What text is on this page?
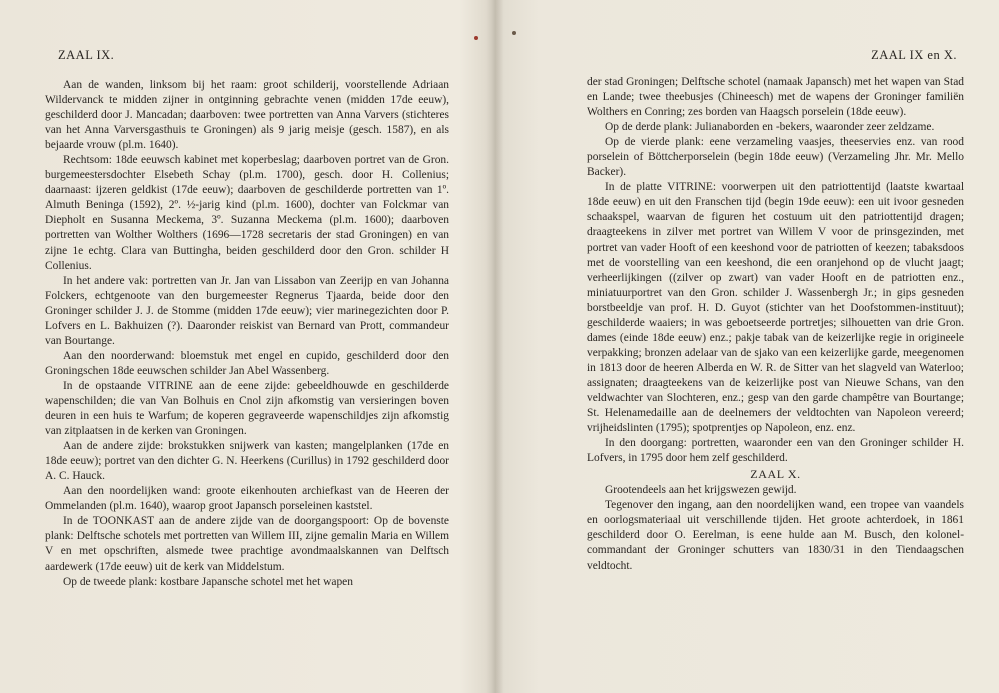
ZAAL IX.

Aan de wanden, linksom bij het raam: groot schilderij, voorstellende Adriaan Wildervanck te midden zijner in ontginning gebrachte venen (midden 17de eeuw), geschilderd door J. Mancadan; daarboven: twee portretten van Anna Varvers (stichteres van het Anna Varversgasthuis te Groningen) als 9 jarig meisje (gesch. 1587), en als bejaarde vrouw (pl.m. 1640).

Rechtsom: 18de eeuwsch kabinet met koperbeslag; daarboven portret van de Gron. burgemeestersdochter Elsebeth Schay (pl.m. 1700), gesch. door H. Collenius; daarnaast: ijzeren geldkist (17de eeuw); daarboven de geschilderde portretten van 1º. Almuth Beninga (1592), 2º. ½-jarig kind (pl.m. 1600), dochter van Folckmar van Diepholt en Susanna Meckema, 3º. Suzanna Meckema (pl.m. 1600); daarboven portretten van Wolther Wolthers (1696—1728 secretaris der stad Groningen) en van zijne 1e echtg. Clara van Buttingha, beiden geschilderd door den Gron. schilder H Collenius.

In het andere vak: portretten van Jr. Jan van Lissabon van Zeerijp en van Johanna Folckers, echtgenoote van den burgemeester Regnerus Tjaarda, beide door den Groninger schilder J. J. de Stomme (midden 17de eeuw); vier marinegezichten door P. Lofvers en L. Bakhuizen (?). Daaronder reiskist van Bernard van Prott, commandeur van Bourtange.

Aan den noorderwand: bloemstuk met engel en cupido, geschilderd door den Groningschen 18de eeuwschen schilder Jan Abel Wassenberg.

In de opstaande VITRINE aan de eene zijde: gebeeldhouwde en geschilderde wapenschilden; die van Van Bolhuis en Cnol zijn afkomstig van versieringen boven deuren in een huis te Warfum; de koperen gegraveerde wapenschildjes zijn afkomstig van zitplaatsen in de kerken van Groningen.

Aan de andere zijde: brokstukken snijwerk van kasten; mangelplanken (17de en 18de eeuw); portret van den dichter G. N. Heerkens (Curillus) in 1792 geschilderd door A. C. Hauck.

Aan den noordelijken wand: groote eikenhouten archiefkast van de Heeren der Ommelanden (pl.m. 1640), waarop groot Japansch porseleinen kaststel.

In de TOONKAST aan de andere zijde van de doorgangspoort: Op de bovenste plank: Delftsche schotels met portretten van Willem III, zijne gemalin Maria en Willem V en met opschriften, alsmede twee prachtige avondmaalskannen van Delftsch aardewerk (17de eeuw) uit de kerk van Middelstum.

Op de tweede plank: kostbare Japansche schotel met het wapen

ZAAL IX en X.

der stad Groningen; Delftsche schotel (namaak Japansch) met het wapen van Stad en Lande; twee theebusjes (Chineesch) met de wapens der Groninger familiën Wolthers en Conring; zes borden van Haagsch porselein (18de eeuw).

Op de derde plank: Julianaborden en -bekers, waaronder zeer zeldzame.

Op de vierde plank: eene verzameling vaasjes, theeservies enz. van rood porselein of Böttcherporselein (begin 18de eeuw) (Verzameling Jhr. Mr. Mello Backer).

In de platte VITRINE: voorwerpen uit den patriottentijd (laatste kwartaal 18de eeuw) en uit den Franschen tijd (begin 19de eeuw): een uit ivoor gesneden schaakspel, waarvan de figuren het costuum uit den patriottentijd dragen; draagteekens in zilver met portret van Willem V voor de prinsgezinden, met portret van vader Hooft of een keeshond voor de patriotten of keezen; tabaksdoos met de voorstelling van een keeshond, die een oranjehond op de vlucht jaagt; verheerlijkingen ((zilver op zwart) van vader Hooft en de patriotten enz., miniatuurportret van den Gron. schilder J. Wassenbergh Jr.; in gips gesneden borstbeeldje van prof. H. D. Guyot (stichter van het Doofstommen-instituut); geschilderde waaiers; in was geboetseerde portretjes; silhouetten van drie Gron. dames (einde 18de eeuw) enz.; pakje tabak van de keizerlijke regie in origineele verpakking; bronzen adelaar van de sjako van een keizerlijke garde, meegenomen in 1813 door de heeren Alberda en W. R. de Sitter van het slagveld van Waterloo; assignaten; draagteekens van de keizerlijke post van Nieuwe Schans, van den veldwachter van Slochteren, enz.; gesp van den garde champêtre van Bourtange; St. Helenamedaille aan de deelnemers der veldtochten van Napoleon vereerd; vrijheidslinten (1795); spotprentjes op Napoleon, enz. enz.

In den doorgang: portretten, waaronder een van den Groninger schilder H. Lofvers, in 1795 door hem zelf geschilderd.

ZAAL X.

Grootendeels aan het krijgswezen gewijd.

Tegenover den ingang, aan den noordelijken wand, een tropee van vaandels en oorlogsmateriaal uit verschillende tijden. Het groote achterdoek, in 1861 geschilderd door O. Eerelman, is eene hulde aan M. Busch, den kolonel-commandant der Groninger schutters van 1830/31 in den Tiendaagschen veldtocht.
